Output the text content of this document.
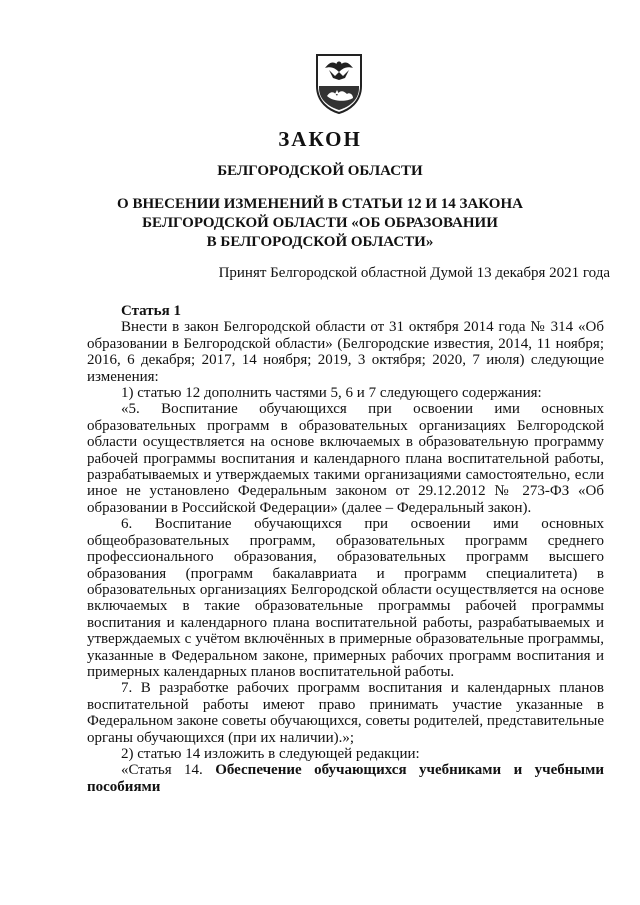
ЗАКОН
БЕЛГОРОДСКОЙ ОБЛАСТИ
О ВНЕСЕНИИ ИЗМЕНЕНИЙ В СТАТЬИ 12 И 14 ЗАКОНА
БЕЛГОРОДСКОЙ ОБЛАСТИ «ОБ ОБРАЗОВАНИИ
В БЕЛГОРОДСКОЙ ОБЛАСТИ»
Принят Белгородской областной Думой 13 декабря 2021 года

Статья 1

Внести в закон Белгородской области от 31 октября 2014 года № 314 «Об образовании в Белгородской области» (Белгородские известия, 2014, 11 ноября; 2016, 6 декабря; 2017, 14 ноября; 2019, 3 октября; 2020, 7 июля) следующие изменения:

1) статью 12 дополнить частями 5, 6 и 7 следующего содержания:

«5. Воспитание обучающихся при освоении ими основных образовательных программ в образовательных организациях Белгородской области осуществляется на основе включаемых в образовательную программу рабочей программы воспитания и календарного плана воспитательной работы, разрабатываемых и утверждаемых такими организациями самостоятельно, если иное не установлено Федеральным законом от 29.12.2012 № 273-ФЗ «Об образовании в Российской Федерации» (далее – Федеральный закон).

6. Воспитание обучающихся при освоении ими основных общеобразовательных программ, образовательных программ среднего профессионального образования, образовательных программ высшего образования (программ бакалавриата и программ специалитета) в образовательных организациях Белгородской области осуществляется на основе включаемых в такие образовательные программы рабочей программы воспитания и календарного плана воспитательной работы, разрабатываемых и утверждаемых с учётом включённых в примерные образовательные программы, указанные в Федеральном законе, примерных рабочих программ воспитания и примерных календарных планов воспитательной работы.

7. В разработке рабочих программ воспитания и календарных планов воспитательной работы имеют право принимать участие указанные в Федеральном законе советы обучающихся, советы родителей, представительные органы обучающихся (при их наличии).»;

2) статью 14 изложить в следующей редакции:

«Статья 14. Обеспечение обучающихся учебниками и учебными пособиями
